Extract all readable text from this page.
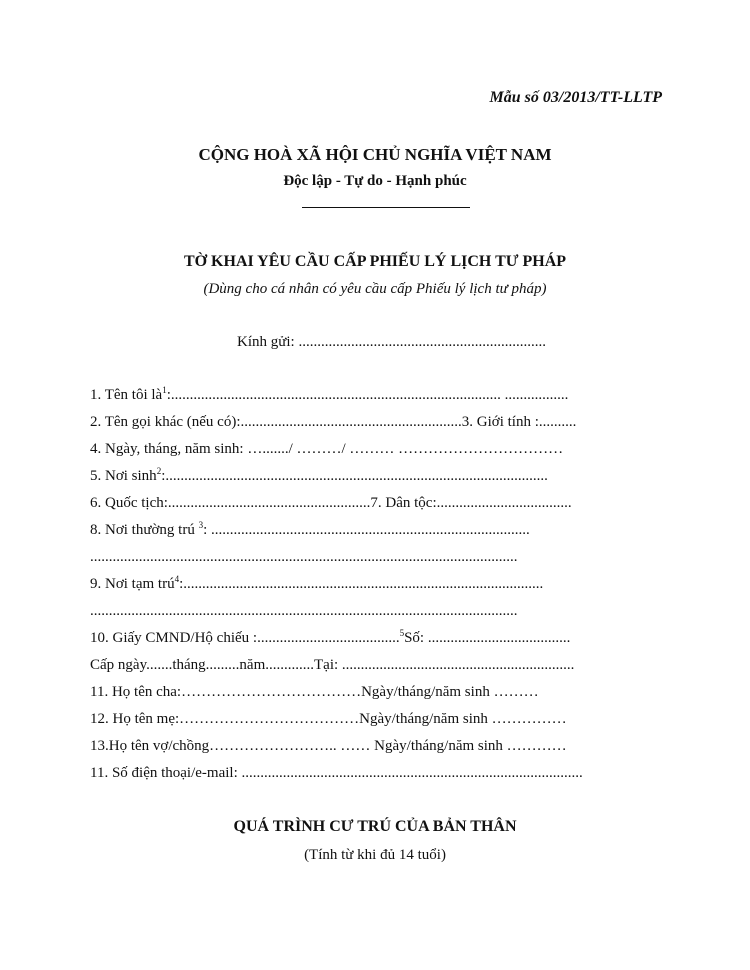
Mẫu số 03/2013/TT-LLTP
CỘNG HOÀ XÃ HỘI CHỦ NGHĨA VIỆT NAM
Độc lập - Tự do - Hạnh phúc
TỜ KHAI YÊU CẦU CẤP PHIẾU LÝ LỊCH TƯ PHÁP
(Dùng cho cá nhân có yêu cầu cấp Phiếu lý lịch tư pháp)
Kính gửi: ..................................................................
1. Tên tôi $là^1$:........................................................................................ .................
2. Tên gọi khác (nếu có):...........................................................3. Giới tính :..........
4. Ngày, tháng, năm sinh: …......./ ………/ ……… ……………………………
5. Nơi $\sinh^2$:......................................................................................................
6. Quốc tịch:......................................................7. Dân tộc:....................................
8. Nơi thường trú $^3$: .....................................................................................
..................................................................................................................
9. Nơi tạm trú$^4$:................................................................................................
..................................................................................................................
10. Giấy CMND/Hộ chiếu :......................................$^5$Số: ......................................
Cấp ngày.......tháng.........năm.............Tại: ..............................................................
11. Họ tên cha:………………………………Ngày/tháng/năm sinh ………
12. Họ tên mẹ:………………………………Ngày/tháng/năm sinh ……………
13.Họ tên vợ/chồng…………………….. …… Ngày/tháng/năm sinh …………
11. Số điện thoại/e-mail: ...........................................................................................
QUÁ TRÌNH CƯ TRÚ CỦA BẢN THÂN
(Tính từ khi đủ 14 tuổi)
